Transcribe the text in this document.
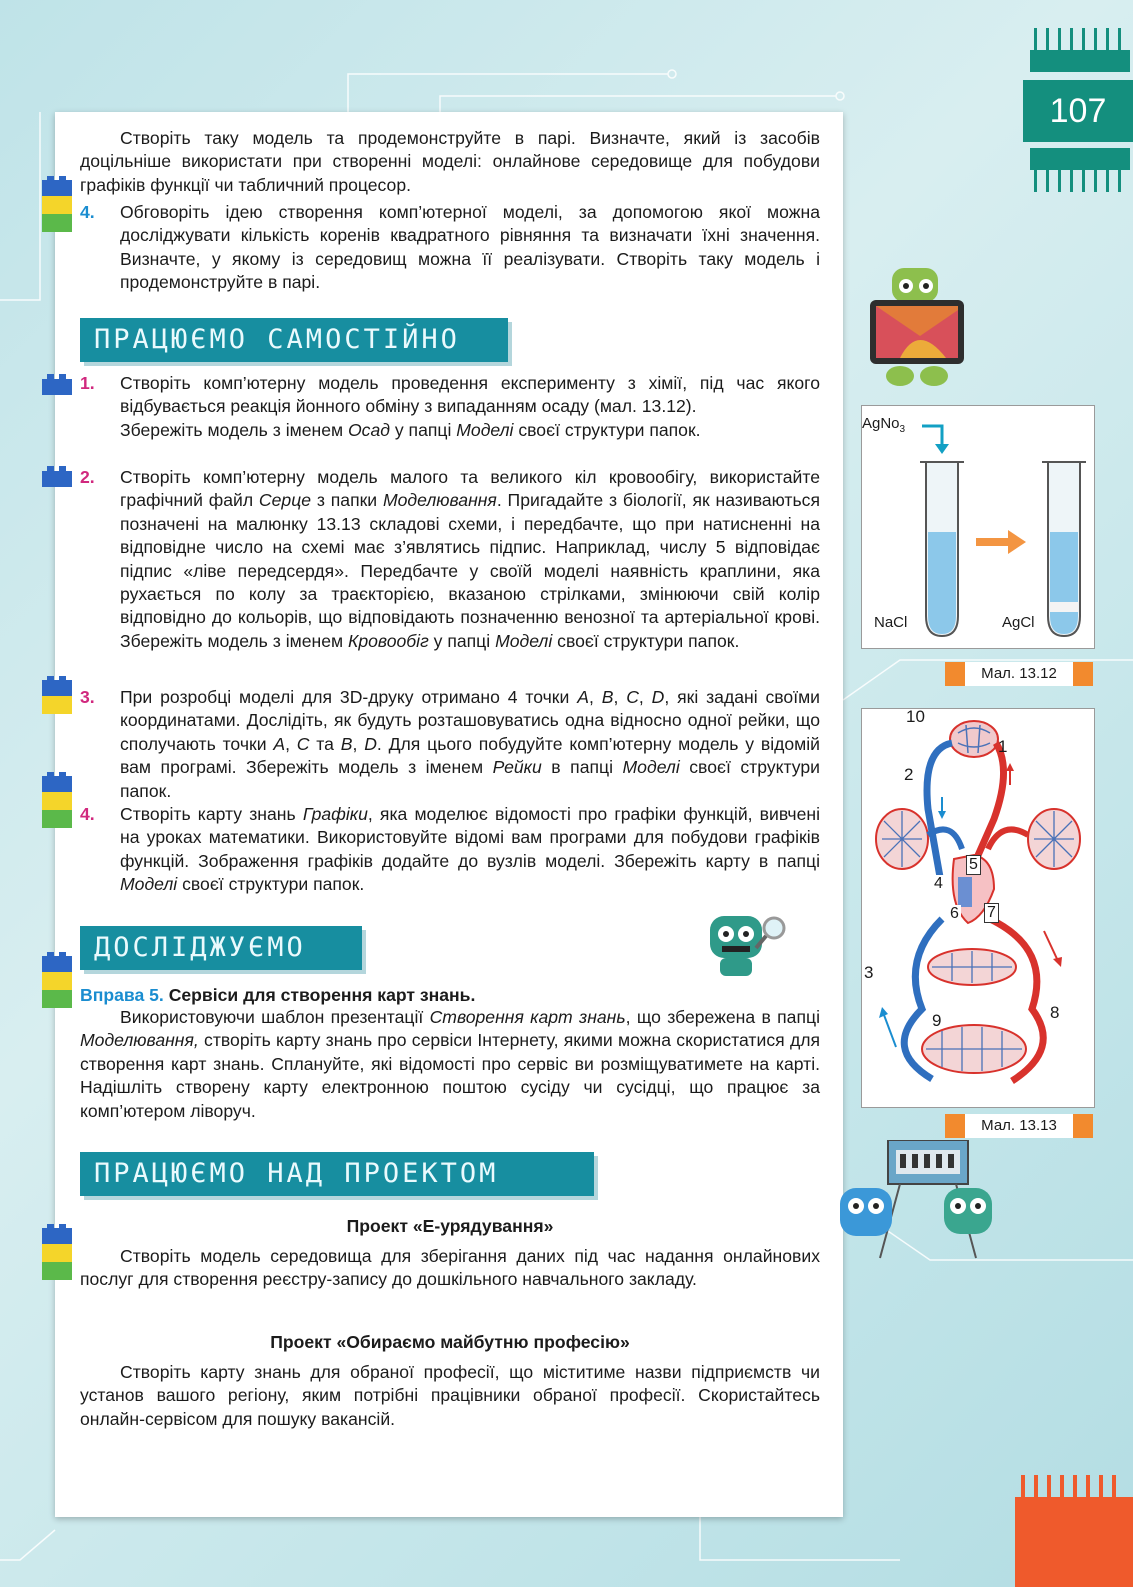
107

Створіть таку модель та продемонструйте в парі. Визначте, який із засобів доцільніше використати при створенні моделі: онлайнове середовище для побудови графіків функції чи табличний процесор.

4. Обговоріть ідею створення комп’ютерної моделі, за допомогою якої можна досліджувати кількість коренів квадратного рівняння та визначати їхні значення. Визначте, у якому із середовищ можна її реалізувати. Створіть таку модель і продемонструйте в парі.

ПРАЦЮЄМО САМОСТІЙНО
1. Створіть комп’ютерну модель проведення експерименту з хімії, під час якого відбувається реакція йонного обміну з випаданням осаду (мал. 13.12).

Збережіть модель з іменем Осад у папці Моделі своєї структури папок.

2. Створіть комп’ютерну модель малого та великого кіл кровообігу, використайте графічний файл Серце з папки Моделювання. Пригадайте з біології, як називаються позначені на малюнку 13.13 складові схеми, і передбачте, що при натисненні на відповідне число на схемі має з’являтись підпис. Наприклад, числу 5 відповідає підпис «ліве передсердя». Передбачте у своїй моделі наявність краплини, яка рухається по колу за траєкторією, вказаною стрілками, змінюючи свій колір відповідно до кольорів, що відповідають позначенню венозної та артеріальної крові. Збережіть модель з іменем Кровообіг у папці Моделі своєї структури папок.

3. При розробці моделі для 3D-друку отримано 4 точки A, B, C, D, які задані своїми координатами. Дослідіть, як будуть розташовуватись одна відносно одної рейки, що сполучають точки A, C та B, D. Для цього побудуйте комп’ютерну модель у відомій вам програмі. Збережіть модель з іменем Рейки в папці Моделі своєї структури папок.

4. Створіть карту знань Графіки, яка моделює відомості про графіки функцій, вивчені на уроках математики. Використовуйте відомі вам програми для побудови графіків функцій. Зображення графіків додайте до вузлів моделі. Збережіть карту в папці Моделі своєї структури папок.

ДОСЛІДЖУЄМО
Вправа 5. Сервіси для створення карт знань.

Використовуючи шаблон презентації Створення карт знань, що збережена в папці Моделювання, створіть карту знань про сервіси Інтернету, якими можна скористатися для створення карт знань. Сплануйте, які відомості про сервіс ви розміщуватимете на карті. Надішліть створену карту електронною поштою сусіду чи сусідці, що працює за комп’ютером ліворуч.

ПРАЦЮЄМО НАД ПРОЕКТОМ
Проект «Е-урядування»

Створіть модель середовища для зберігання даних під час надання онлайнових послуг для створення реєстру-запису до дошкільного навчального закладу.

Проект «Обираємо майбутню професію»

Створіть карту знань для обраної професії, що міститиме назви підприємств чи установ вашого регіону, яким потрібні працівники обраної професії. Скористайтесь онлайн-сервісом для пошуку вакансій.

AgNo$_3$
NaCl	AgCl
Мал. 13.12
10
1
2
5
4
6 7
3
9	8
Мал. 13.13
